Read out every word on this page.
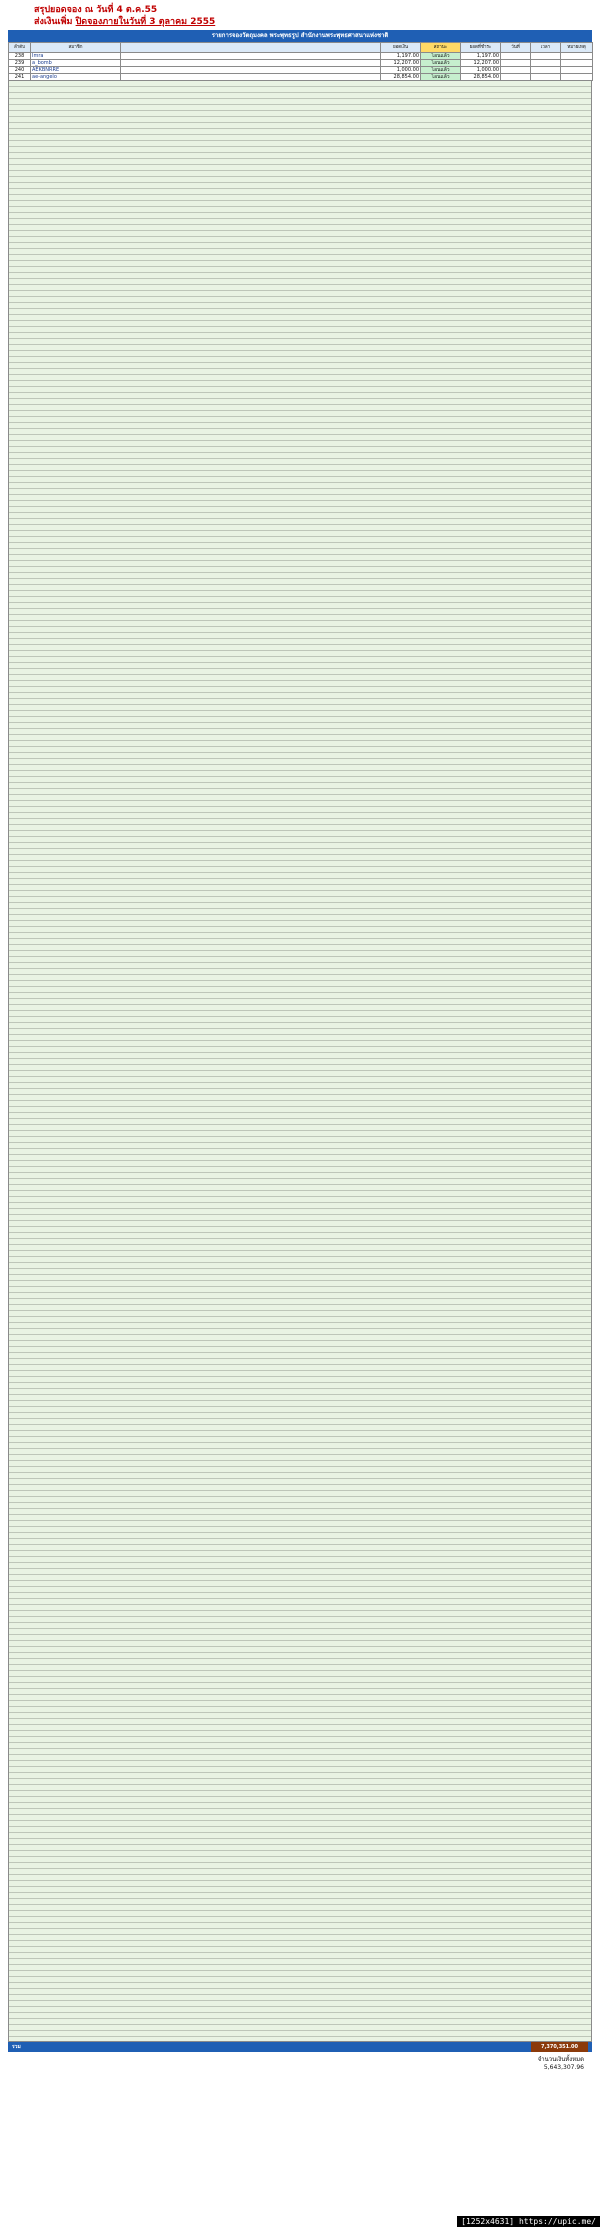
สรุปยอดจอง ณ วันที่ 4 ต.ค.55
ส่งเงินเพิ่ม ปิดจองภายในวันที่ 3 ตุลาคม 2555
รายการจองวัตถุมงคล พระพุทธรูป สำนักงานพระพุทธศาสนาแห่งชาติ
ลำดับ	สมาชิก		ยอดเงิน	สถานะ	ยอดที่ชำระ	วันที่	เวลา	หมายเหตุ
238	Imra		1,197.00	โอนแล้ว	1,197.00			
239	a_bomb		12,207.00	โอนแล้ว	12,207.00			
240	AEKBNRRE		1,000.00	โอนแล้ว	1,000.00			
241	ae-angelo		28,854.00	โอนแล้ว	28,854.00			
รวม	7,370,351.00
จำนวนเงินทั้งหมด
5,643,307.96
[1252x4631] https://upic.me/
